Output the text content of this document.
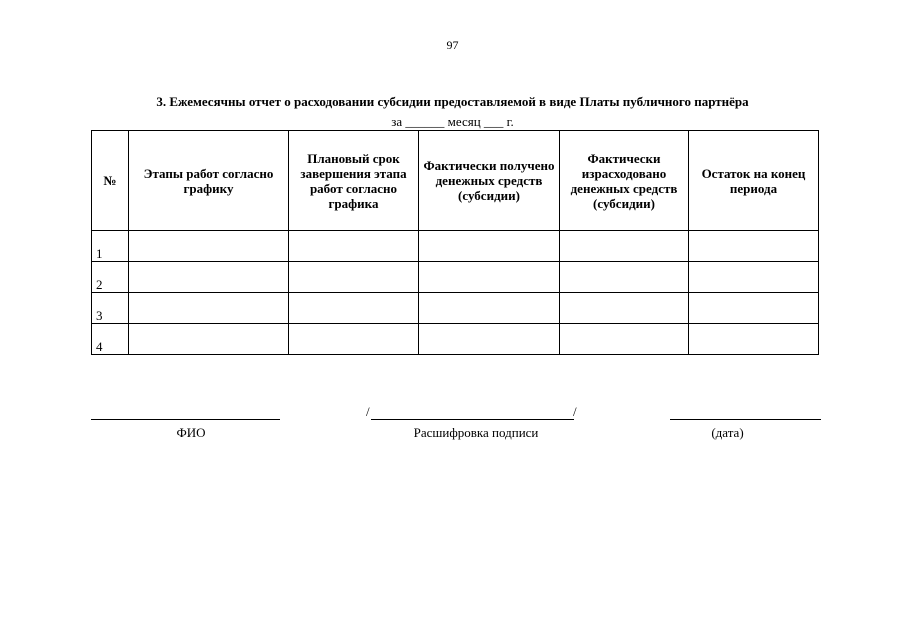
97
3. Ежемесячны отчет о расходовании субсидии предоставляемой в виде Платы публичного партнёра
за ______ месяц ___ г.
№	Этапы работ согласно графику	Плановый срок завершения этапа работ согласно графика	Фактически получено денежных средств (субсидии)	Фактически израсходовано денежных средств (субсидии)	Остаток на конец периода
1					
2					
3					
4					
/	/
ФИО	Расшифровка подписи	(дата)
